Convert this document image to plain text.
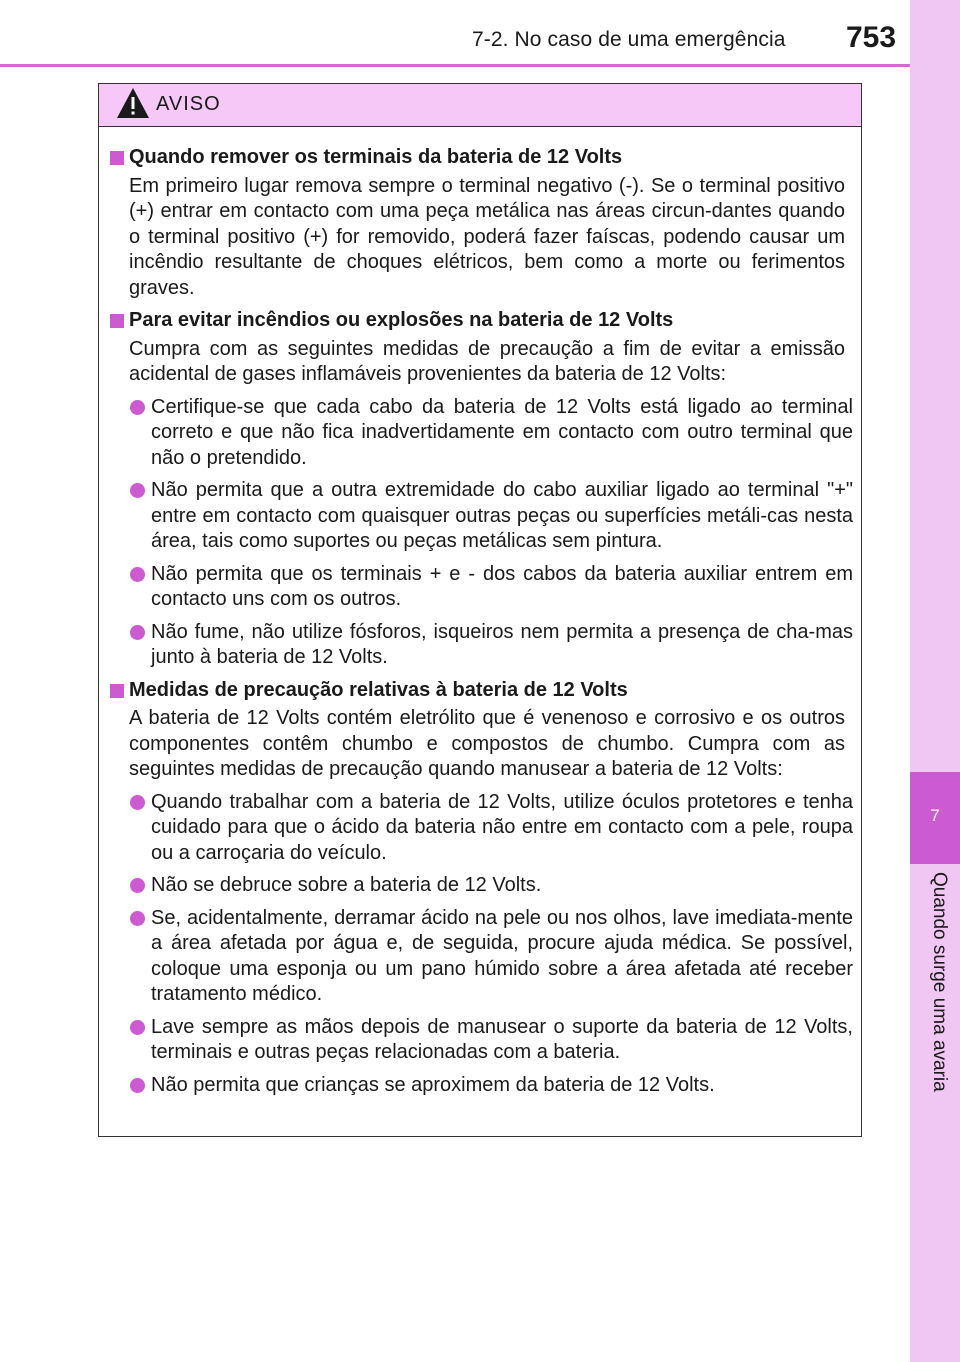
7
Quando surge uma avaria
7-2. No caso de uma emergência 753
AVISO
Quando remover os terminais da bateria de 12 Volts
Em primeiro lugar remova sempre o terminal negativo (-). Se o terminal positivo (+) entrar em contacto com uma peça metálica nas áreas circun-dantes quando o terminal positivo (+) for removido, poderá fazer faíscas, podendo causar um incêndio resultante de choques elétricos, bem como a morte ou ferimentos graves.
Para evitar incêndios ou explosões na bateria de 12 Volts
Cumpra com as seguintes medidas de precaução a fim de evitar a emissão acidental de gases inflamáveis provenientes da bateria de 12 Volts:
Certifique-se que cada cabo da bateria de 12 Volts está ligado ao terminal correto e que não fica inadvertidamente em contacto com outro terminal que não o pretendido.
Não permita que a outra extremidade do cabo auxiliar ligado ao terminal "+" entre em contacto com quaisquer outras peças ou superfícies metáli-cas nesta área, tais como suportes ou peças metálicas sem pintura.
Não permita que os terminais + e - dos cabos da bateria auxiliar entrem em contacto uns com os outros.
Não fume, não utilize fósforos, isqueiros nem permita a presença de cha-mas junto à bateria de 12 Volts.
Medidas de precaução relativas à bateria de 12 Volts
A bateria de 12 Volts contém eletrólito que é venenoso e corrosivo e os outros componentes contêm chumbo e compostos de chumbo. Cumpra com as seguintes medidas de precaução quando manusear a bateria de 12 Volts:
Quando trabalhar com a bateria de 12 Volts, utilize óculos protetores e tenha cuidado para que o ácido da bateria não entre em contacto com a pele, roupa ou a carroçaria do veículo.
Não se debruce sobre a bateria de 12 Volts.
Se, acidentalmente, derramar ácido na pele ou nos olhos, lave imediata-mente a área afetada por água e, de seguida, procure ajuda médica. Se possível, coloque uma esponja ou um pano húmido sobre a área afetada até receber tratamento médico.
Lave sempre as mãos depois de manusear o suporte da bateria de 12 Volts, terminais e outras peças relacionadas com a bateria.
Não permita que crianças se aproximem da bateria de 12 Volts.
